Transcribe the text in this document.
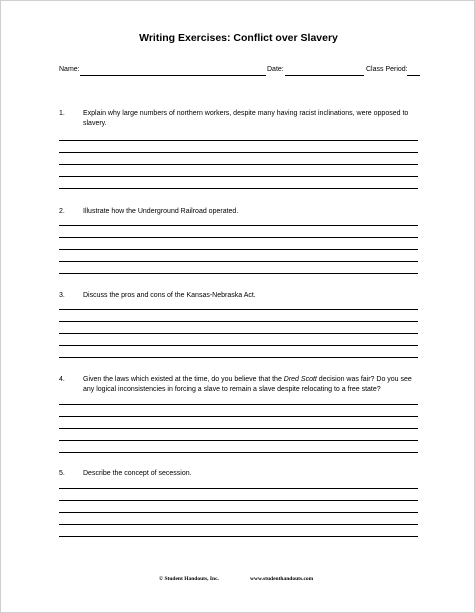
Writing Exercises: Conflict over Slavery
Name:	Date:	Class Period:
1.	Explain why large numbers of northern workers, despite many having racist inclinations, were opposed to slavery.
2.	Illustrate how the Underground Railroad operated.
3.	Discuss the pros and cons of the Kansas-Nebraska Act.
4.	Given the laws which existed at the time, do you believe that the Dred Scott decision was fair? Do you see any logical inconsistencies in forcing a slave to remain a slave despite relocating to a free state?
5.	Describe the concept of secession.
© Student Handouts, Inc.	www.studenthandouts.com
